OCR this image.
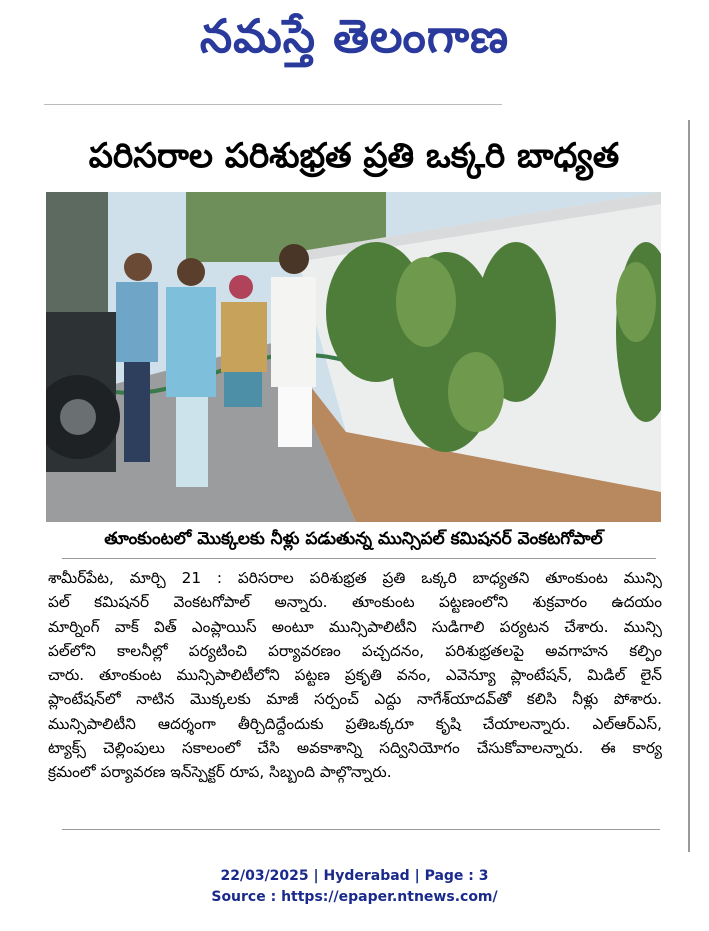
నమస్తే తెలంగాణ
పరిసరాల పరిశుభ్రత ప్రతి ఒక్కరి బాధ్యత
తూంకుంటలో మొక్కలకు నీళ్లు పడుతున్న మున్సిపల్ కమిషనర్ వెంకటగోపాల్

శామీర్‌పేట, మార్చి 21 : పరిసరాల పరిశుభ్రత ప్రతి ఒక్కరి బాధ్యతని తూంకుంట మున్సి

పల్ కమిషనర్ వెంకటగోపాల్ అన్నారు. తూంకుంట పట్టణంలోని శుక్రవారం ఉదయం

మార్నింగ్ వాక్ విత్ ఎంప్లాయిస్ అంటూ మున్సిపాలిటీని సుడిగాలి పర్యటన చేశారు. మున్సి

పల్‌లోని కాలనీల్లో పర్యటించి పర్యావరణం పచ్చదనం, పరిశుభ్రతలపై అవగాహన కల్పిం

చారు. తూంకుంట మున్సిపాలిటీలోని పట్టణ ప్రకృతి వనం, ఎవెన్యూ ప్లాంటేషన్, మిడిల్ లైన్

ప్లాంటేషన్‌లో నాటిన మొక్కలకు మాజీ సర్పంచ్ ఎద్దు నాగేశ్‌యాదవ్‌తో కలిసి నీళ్లు పోశారు.

మున్సిపాలిటీని ఆదర్శంగా తీర్చిదిద్దేందుకు ప్రతిఒక్కరూ కృషి చేయాలన్నారు. ఎల్ఆర్ఎస్,

ట్యాక్స్ చెల్లింపులు సకాలంలో చేసి అవకాశాన్ని సద్వినియోగం చేసుకోవాలన్నారు. ఈ కార్య

క్రమంలో పర్యావరణ ఇన్‌స్పెక్టర్ రూప, సిబ్బంది పాల్గొన్నారు.

22/03/2025 | Hyderabad | Page : 3
Source : https://epaper.ntnews.com/
